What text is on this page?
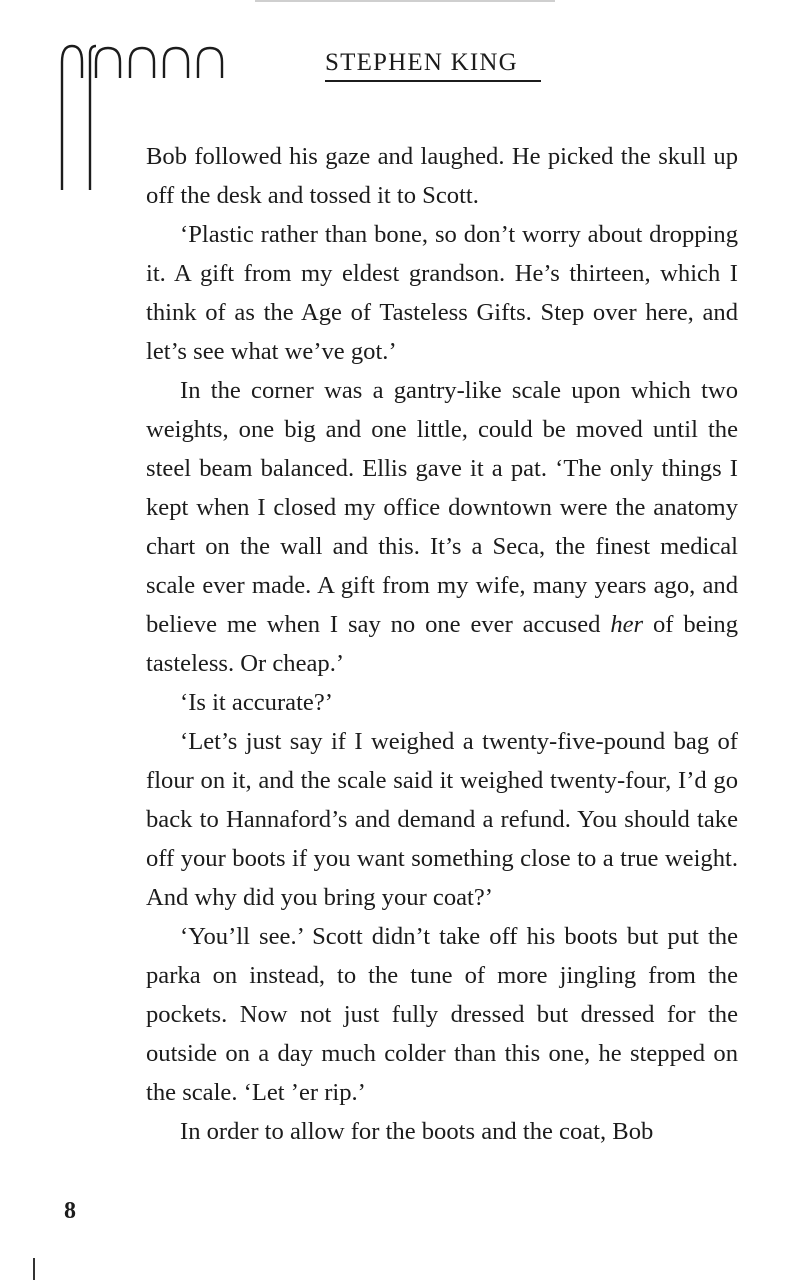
STEPHEN KING

Bob followed his gaze and laughed. He picked the skull up off the desk and tossed it to Scott.

‘Plastic rather than bone, so don’t worry about dropping it. A gift from my eldest grandson. He’s thirteen, which I think of as the Age of Tasteless Gifts. Step over here, and let’s see what we’ve got.’

In the corner was a gantry-like scale upon which two weights, one big and one little, could be moved until the steel beam balanced. Ellis gave it a pat. ‘The only things I kept when I closed my office downtown were the anatomy chart on the wall and this. It’s a Seca, the finest medical scale ever made. A gift from my wife, many years ago, and believe me when I say no one ever accused her of being tasteless. Or cheap.’

‘Is it accurate?’

‘Let’s just say if I weighed a twenty-five-pound bag of flour on it, and the scale said it weighed twenty-four, I’d go back to Hannaford’s and demand a refund. You should take off your boots if you want something close to a true weight. And why did you bring your coat?’

‘You’ll see.’ Scott didn’t take off his boots but put the parka on instead, to the tune of more jingling from the pockets. Now not just fully dressed but dressed for the outside on a day much colder than this one, he stepped on the scale. ‘Let ’er rip.’

In order to allow for the boots and the coat, Bob

8
